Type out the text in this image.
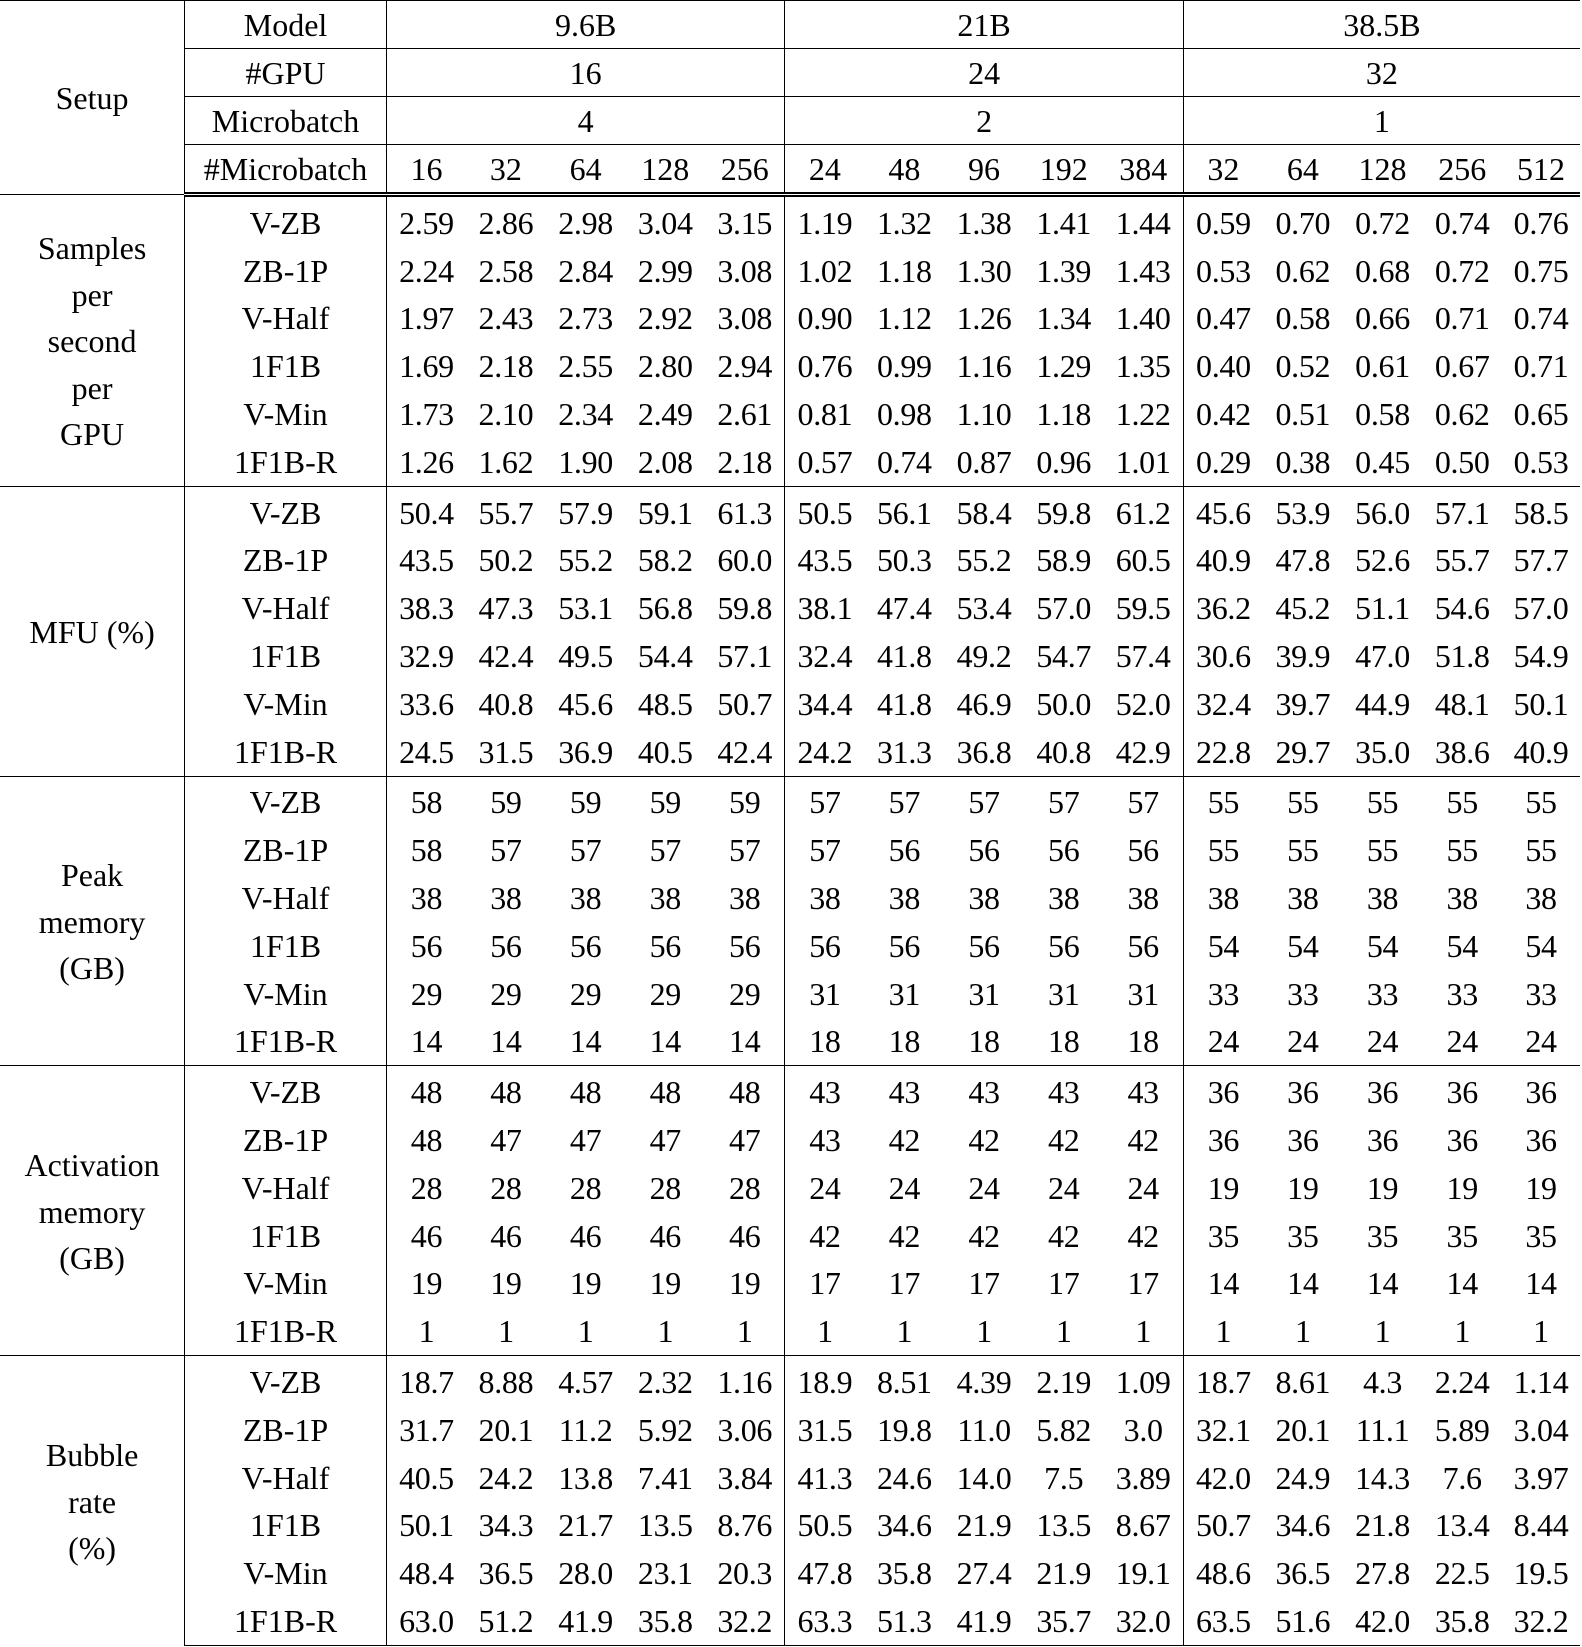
Setup	Model	9.6B					21B					38.5B				
	#GPU	16					24					32				
	Microbatch	4					2					1				
	#Microbatch	16	32	64	128	256	24	48	96	192	384	32	64	128	256	512

Samples
per
second
per
GPU	V-ZB	2.59	2.86	2.98	3.04	3.15	1.19	1.32	1.38	1.41	1.44	0.59	0.70	0.72	0.74	0.76
	ZB-1P	2.24	2.58	2.84	2.99	3.08	1.02	1.18	1.30	1.39	1.43	0.53	0.62	0.68	0.72	0.75
	V-Half	1.97	2.43	2.73	2.92	3.08	0.90	1.12	1.26	1.34	1.40	0.47	0.58	0.66	0.71	0.74
	1F1B	1.69	2.18	2.55	2.80	2.94	0.76	0.99	1.16	1.29	1.35	0.40	0.52	0.61	0.67	0.71
	V-Min	1.73	2.10	2.34	2.49	2.61	0.81	0.98	1.10	1.18	1.22	0.42	0.51	0.58	0.62	0.65
	1F1B-R	1.26	1.62	1.90	2.08	2.18	0.57	0.74	0.87	0.96	1.01	0.29	0.38	0.45	0.50	0.53

MFU (%)	V-ZB	50.4	55.7	57.9	59.1	61.3	50.5	56.1	58.4	59.8	61.2	45.6	53.9	56.0	57.1	58.5
	ZB-1P	43.5	50.2	55.2	58.2	60.0	43.5	50.3	55.2	58.9	60.5	40.9	47.8	52.6	55.7	57.7
	V-Half	38.3	47.3	53.1	56.8	59.8	38.1	47.4	53.4	57.0	59.5	36.2	45.2	51.1	54.6	57.0
	1F1B	32.9	42.4	49.5	54.4	57.1	32.4	41.8	49.2	54.7	57.4	30.6	39.9	47.0	51.8	54.9
	V-Min	33.6	40.8	45.6	48.5	50.7	34.4	41.8	46.9	50.0	52.0	32.4	39.7	44.9	48.1	50.1
	1F1B-R	24.5	31.5	36.9	40.5	42.4	24.2	31.3	36.8	40.8	42.9	22.8	29.7	35.0	38.6	40.9

Peak
memory
(GB)	V-ZB	58	59	59	59	59	57	57	57	57	57	55	55	55	55	55
	ZB-1P	58	57	57	57	57	57	56	56	56	56	55	55	55	55	55
	V-Half	38	38	38	38	38	38	38	38	38	38	38	38	38	38	38
	1F1B	56	56	56	56	56	56	56	56	56	56	54	54	54	54	54
	V-Min	29	29	29	29	29	31	31	31	31	31	33	33	33	33	33
	1F1B-R	14	14	14	14	14	18	18	18	18	18	24	24	24	24	24

Activation
memory
(GB)	V-ZB	48	48	48	48	48	43	43	43	43	43	36	36	36	36	36
	ZB-1P	48	47	47	47	47	43	42	42	42	42	36	36	36	36	36
	V-Half	28	28	28	28	28	24	24	24	24	24	19	19	19	19	19
	1F1B	46	46	46	46	46	42	42	42	42	42	35	35	35	35	35
	V-Min	19	19	19	19	19	17	17	17	17	17	14	14	14	14	14
	1F1B-R	1	1	1	1	1	1	1	1	1	1	1	1	1	1	1

Bubble
rate
(%)	V-ZB	18.7	8.88	4.57	2.32	1.16	18.9	8.51	4.39	2.19	1.09	18.7	8.61	4.3	2.24	1.14
	ZB-1P	31.7	20.1	11.2	5.92	3.06	31.5	19.8	11.0	5.82	3.0	32.1	20.1	11.1	5.89	3.04
	V-Half	40.5	24.2	13.8	7.41	3.84	41.3	24.6	14.0	7.5	3.89	42.0	24.9	14.3	7.6	3.97
	1F1B	50.1	34.3	21.7	13.5	8.76	50.5	34.6	21.9	13.5	8.67	50.7	34.6	21.8	13.4	8.44
	V-Min	48.4	36.5	28.0	23.1	20.3	47.8	35.8	27.4	21.9	19.1	48.6	36.5	27.8	22.5	19.5
	1F1B-R	63.0	51.2	41.9	35.8	32.2	63.3	51.3	41.9	35.7	32.0	63.5	51.6	42.0	35.8	32.2
